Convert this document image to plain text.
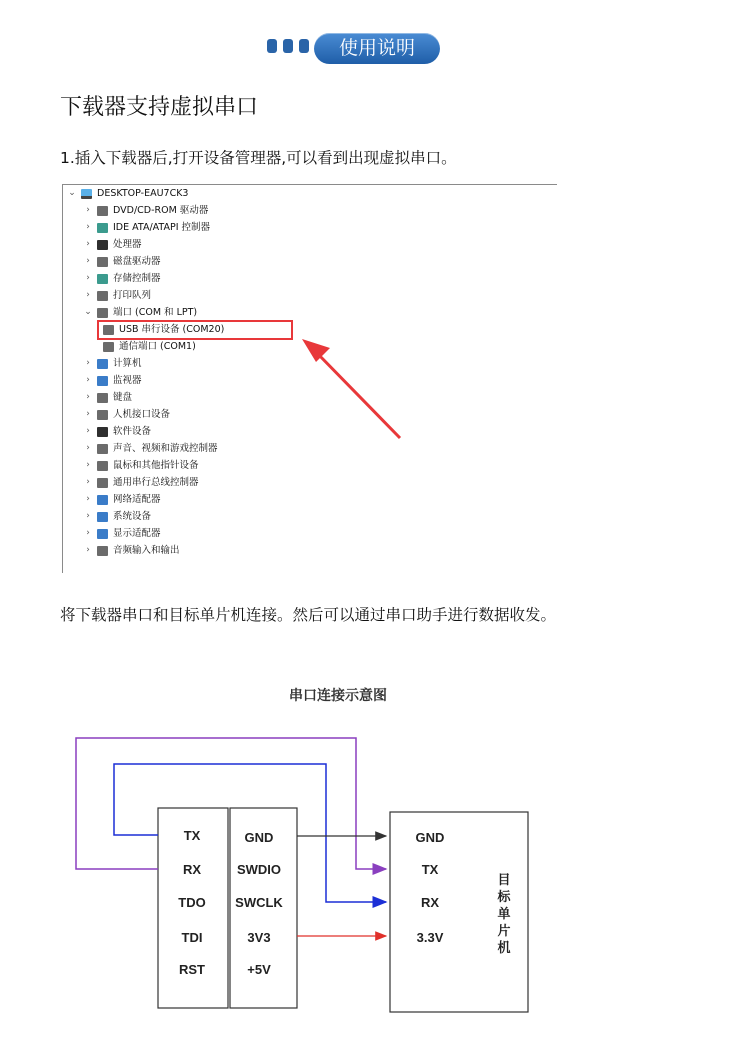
使用说明
下载器支持虚拟串口
1.插入下载器后,打开设备管理器,可以看到出现虚拟串口。
⌄ DESKTOP-EAU7CK3
›	DVD/CD-ROM 驱动器
›	IDE ATA/ATAPI 控制器
›	处理器
›	磁盘驱动器
›	存储控制器
›	打印队列
⌄ 端口 (COM 和 LPT)
USB 串行设备 (COM20)
通信端口 (COM1)
›	计算机
›	监视器
›	键盘
›	人机接口设备
›	软件设备
›	声音、视频和游戏控制器
›	鼠标和其他指针设备
›	通用串行总线控制器
›	网络适配器
›	系统设备
›	显示适配器
›	音频输入和输出
将下载器串口和目标单片机连接。然后可以通过串口助手进行数据收发。
串口连接示意图
TX
RX
TDO
TDI
RST
GND
SWDIO
SWCLK
3V3
+5V
GND
TX
RX
3.3V
目标单片机
